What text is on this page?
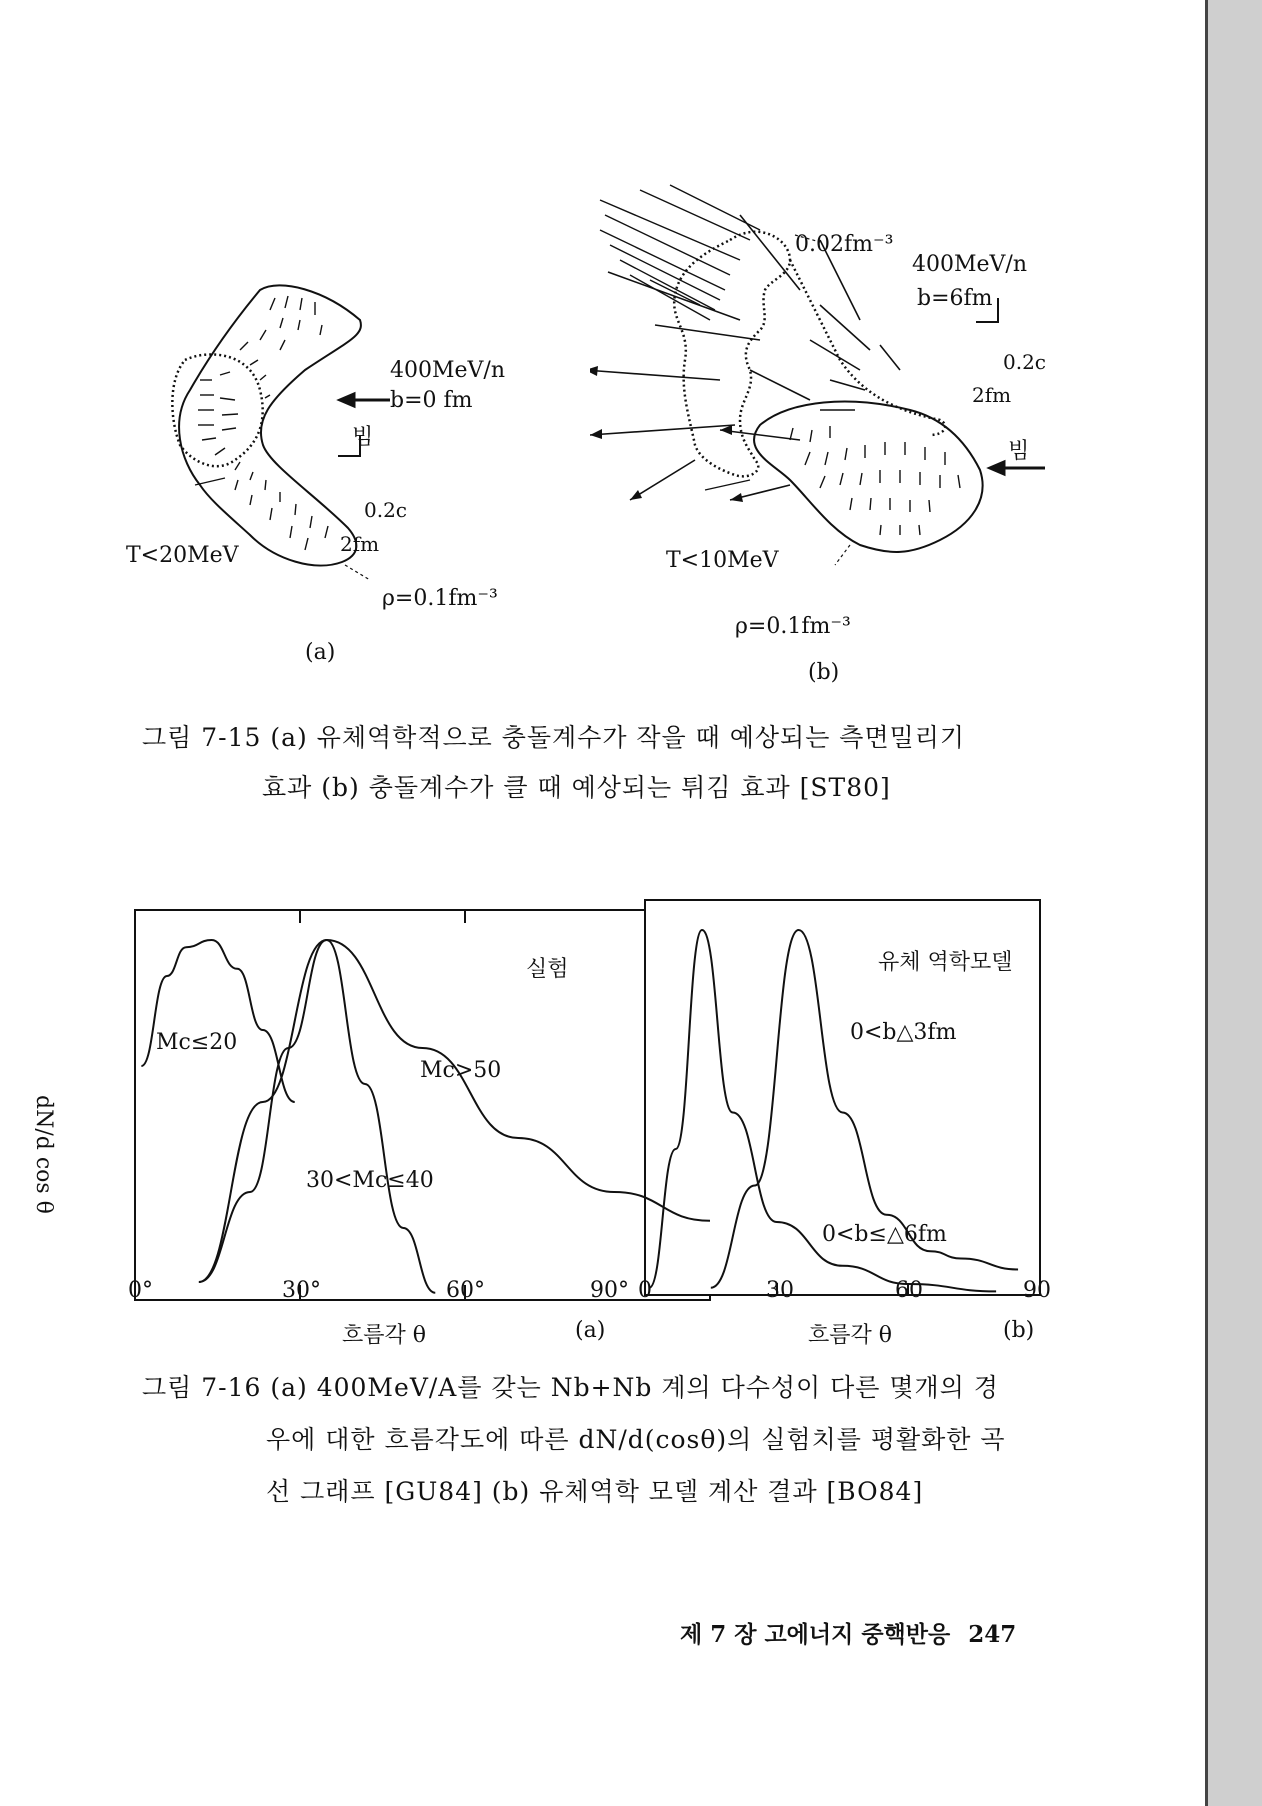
400MeV/n
b=0 fm
빔
0.2c
2fm
T<20MeV
ρ=0.1fm⁻³
(a)
0.02fm⁻³
400MeV/n
b=6fm
0.2c
2fm
빔
T<10MeV
ρ=0.1fm⁻³
(b)
그림 7-15 (a) 유체역학적으로 충돌계수가 작을 때 예상되는 측면밀리기
효과 (b) 충돌계수가 클 때 예상되는 튀김 효과 [ST80]
실험
Mc≤20
30<Mc≤40
Mc>50
dN/d cos θ
0°	30°	60°	90°
흐름각 θ	(a)
유체 역학모델
0<b△3fm
0<b≤△6fm
0	30	60	90
흐름각 θ	(b)
그림 7-16 (a) 400MeV/A를 갖는 Nb+Nb 계의 다수성이 다른 몇개의 경
우에 대한 흐름각도에 따른 dN/d(cosθ)의 실험치를 평활화한 곡
선 그래프 [GU84] (b) 유체역학 모델 계산 결과 [BO84]
제 7 장 고에너지 중핵반응 247
